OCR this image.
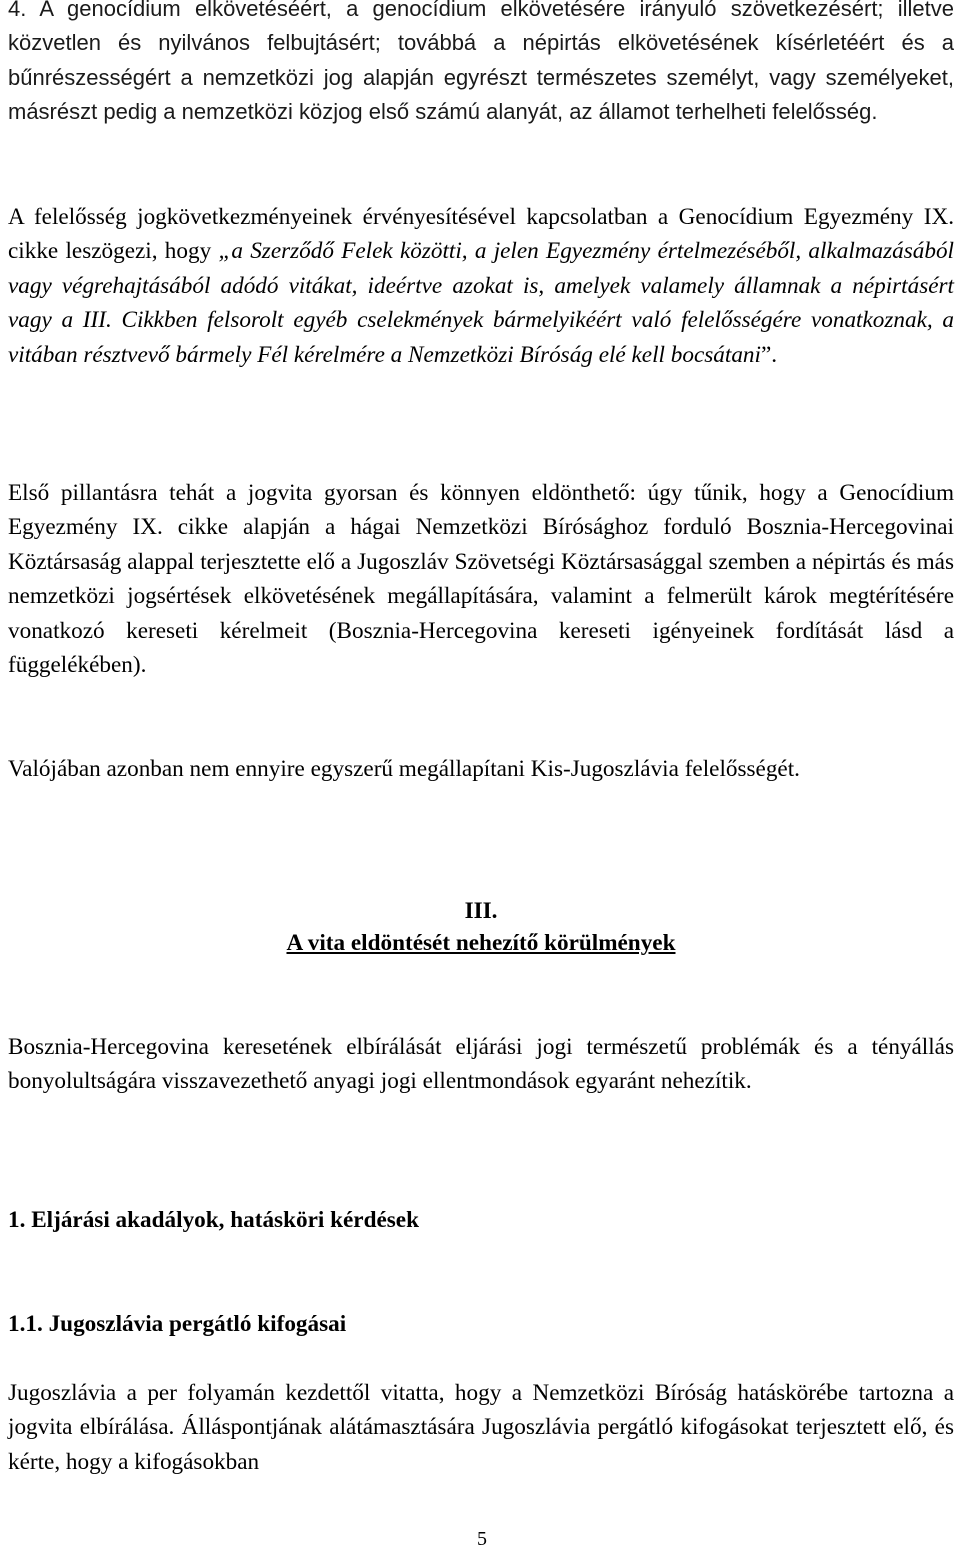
4. A genocídium elkövetéséért, a genocídium elkövetésére irányuló szövetkezésért; illetve közvetlen és nyilvános felbujtásért; továbbá a népirtás elkövetésének kísérletéért és a bűnrészességért a nemzetközi jog alapján egyrészt természetes személyt, vagy személyeket, másrészt pedig a nemzetközi közjog első számú alanyát, az államot terhelheti felelősség.

A felelősség jogkövetkezményeinek érvényesítésével kapcsolatban a Genocídium Egyezmény IX. cikke leszögezi, hogy „a Szerződő Felek közötti, a jelen Egyezmény értelmezéséből, alkalmazásából vagy végrehajtásából adódó vitákat, ideértve azokat is, amelyek valamely államnak a népirtásért vagy a III. Cikkben felsorolt egyéb cselekmények bármelyikéért való felelősségére vonatkoznak, a vitában résztvevő bármely Fél kérelmére a Nemzetközi Bíróság elé kell bocsátani”.

Első pillantásra tehát a jogvita gyorsan és könnyen eldönthető: úgy tűnik, hogy a Genocídium Egyezmény IX. cikke alapján a hágai Nemzetközi Bírósághoz forduló Bosznia-Hercegovinai Köztársaság alappal terjesztette elő a Jugoszláv Szövetségi Köztársasággal szemben a népirtás és más nemzetközi jogsértések elkövetésének megállapítására, valamint a felmerült károk megtérítésére vonatkozó kereseti kérelmeit (Bosznia-Hercegovina kereseti igényeinek fordítását lásd a függelékében).

Valójában azonban nem ennyire egyszerű megállapítani Kis-Jugoszlávia felelősségét.

III.

A vita eldöntését nehezítő körülmények

Bosznia-Hercegovina keresetének elbírálását eljárási jogi természetű problémák és a tényállás bonyolultságára visszavezethető anyagi jogi ellentmondások egyaránt nehezítik.

1. Eljárási akadályok, hatásköri kérdések

1.1. Jugoszlávia pergátló kifogásai

Jugoszlávia a per folyamán kezdettől vitatta, hogy a Nemzetközi Bíróság hatáskörébe tartozna a jogvita elbírálása. Álláspontjának alátámasztására Jugoszlávia pergátló kifogásokat terjesztett elő, és kérte, hogy a kifogásokban

5
